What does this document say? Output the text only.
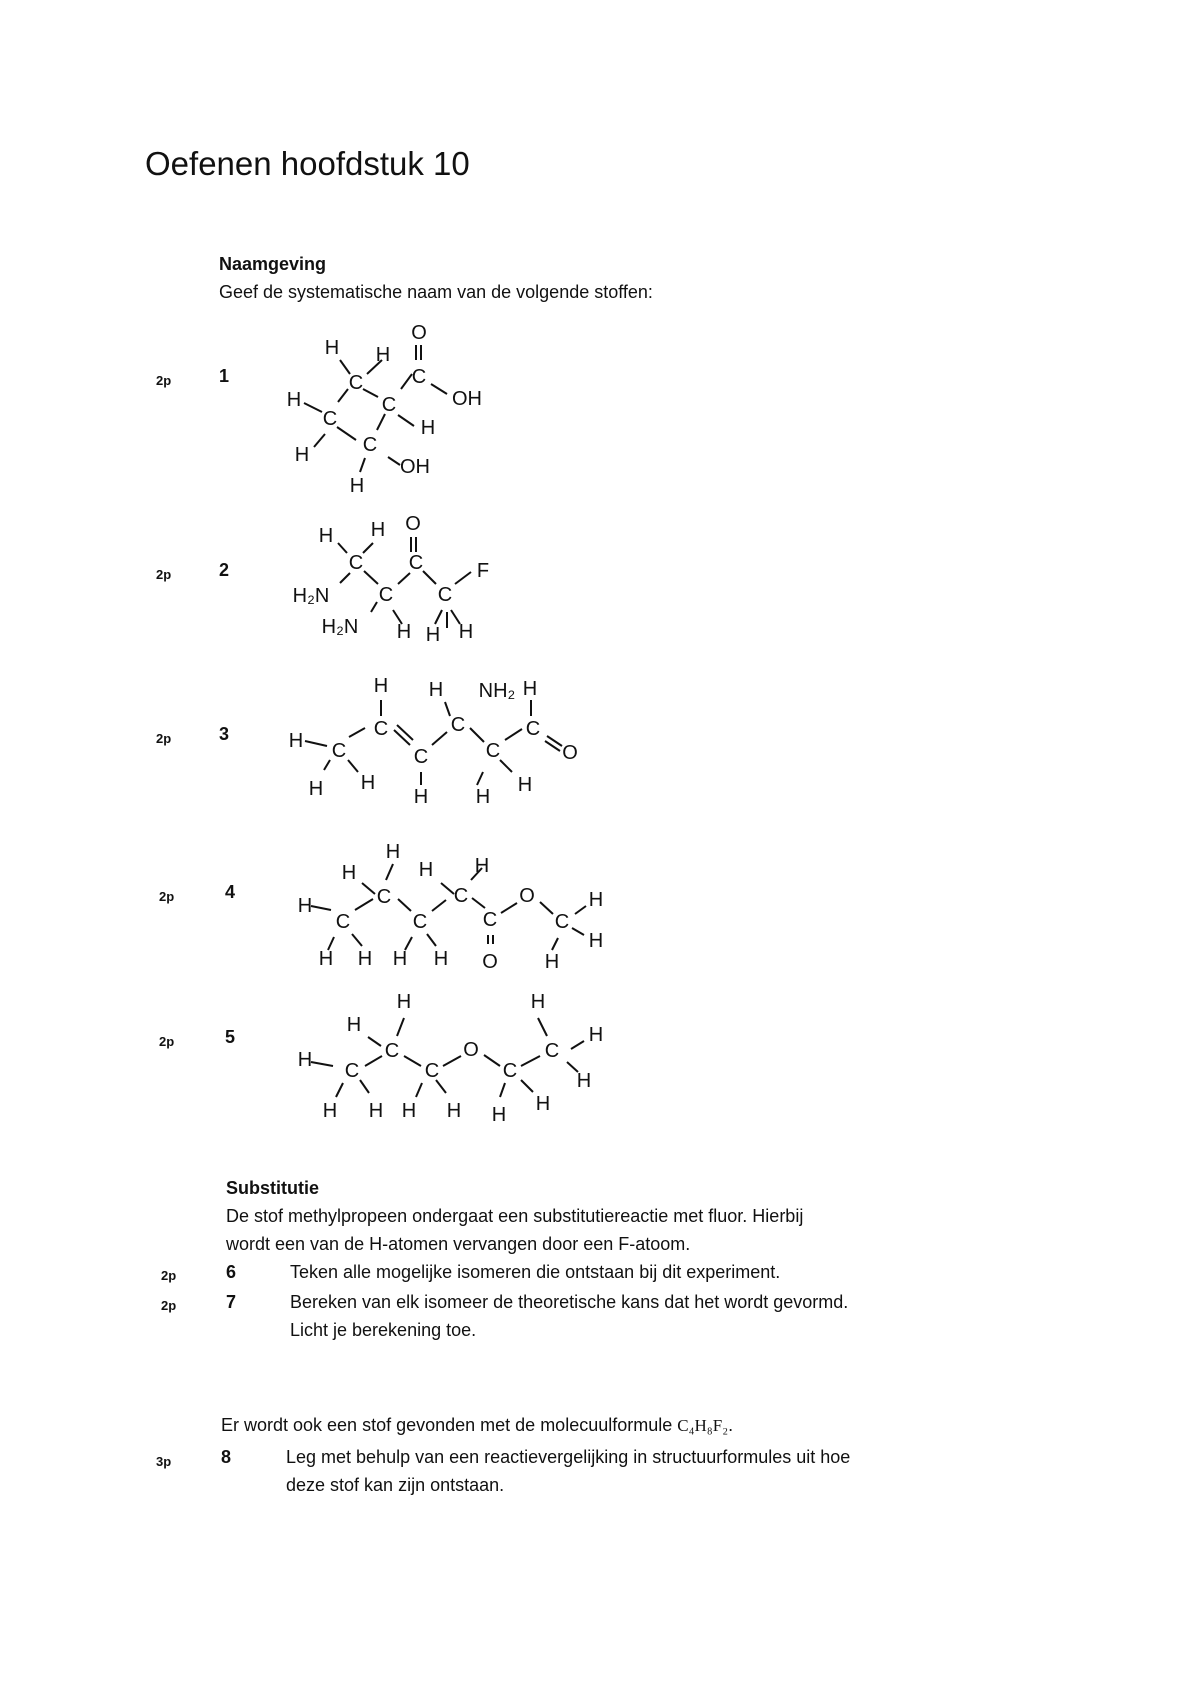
Oefenen hoofdstuk 10
Naamgeving
Geef de systematische naam van de volgende stoffen:
2p	1
2p	2
2p	3
2p	4
2p	5
H H
O
C C
OH
H	C
C	H
H	C
OH
H
H H O
C C	F
H₂N C C
H₂N H H H
H H NH₂ H
C	C	C
H C	C	C	O
H H
H H
H
H
H	H H
C	C	O
H
C	C	C	C
H
H
H H H H O H
H	H
H
C	O	C
H
H C	C	C	H
H H H H H H
Substitutie
De stof methylpropeen ondergaat een substitutiereactie met fluor. Hierbij
wordt een van de H-atomen vervangen door een F-atoom.
2p	6	Teken alle mogelijke isomeren die ontstaan bij dit experiment.
2p	7	Bereken van elk isomeer de theoretische kans dat het wordt gevormd.
Licht je berekening toe.
Er wordt ook een stof gevonden met de molecuulformule C₄H₈F₂.
3p	8	Leg met behulp van een reactievergelijking in structuurformules uit hoe
deze stof kan zijn ontstaan.
